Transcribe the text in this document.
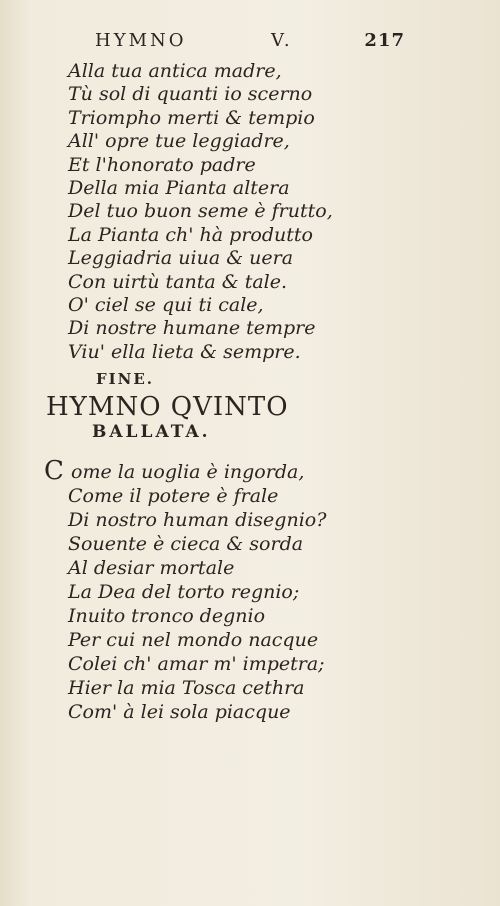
HYMNO	V.	217
Alla tua antica madre,
Tù sol di quanti io scerno
Triompho merti & tempio
All' opre tue leggiadre,
Et l'honorato padre
Della mia Pianta altera
Del tuo buon seme è frutto,
La Pianta ch' hà produtto
Leggiadria uiua & uera
Con uirtù tanta & tale.
O' ciel se qui ti cale,
Di nostre humane tempre
Viu' ella lieta & sempre.
FINE.
HYMNO QVINTO
BALLATA.
C ome la uoglia è ingorda,
Come il potere è frale
Di nostro human disegnio?
Souente è cieca & sorda
Al desiar mortale
La Dea del torto regnio;
Inuito tronco degnio
Per cui nel mondo nacque
Colei ch' amar m' impetra;
Hier la mia Tosca cethra
Com' à lei sola piacque
